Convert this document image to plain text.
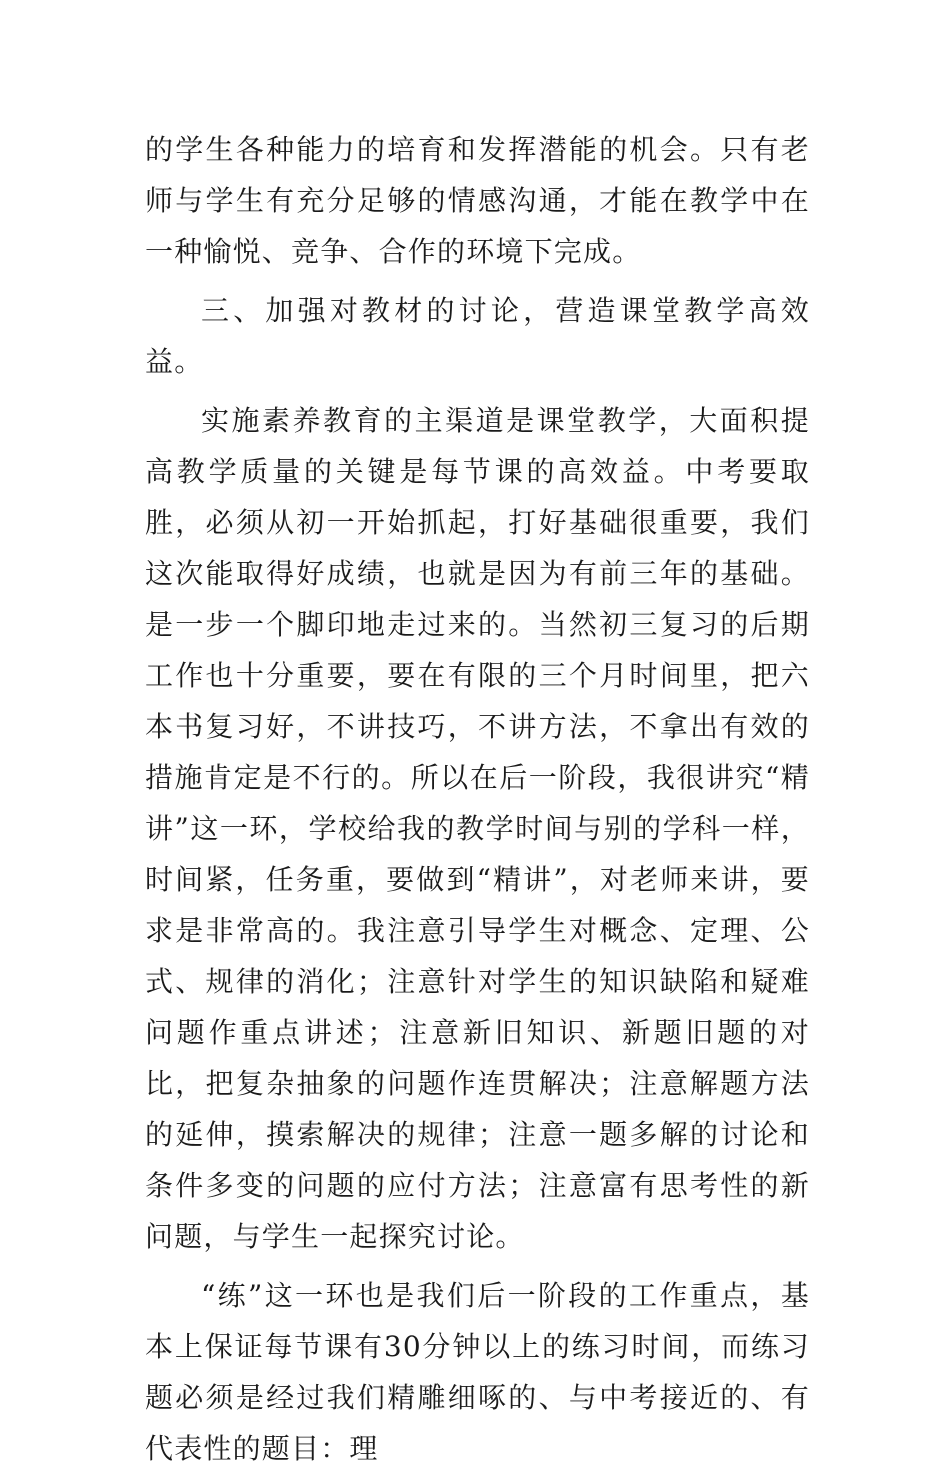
的学生各种能力的培育和发挥潜能的机会。只有老师与学生有充分足够的情感沟通，才能在教学中在一种愉悦、竞争、合作的环境下完成。

三、加强对教材的讨论，营造课堂教学高效益。

实施素养教育的主渠道是课堂教学，大面积提高教学质量的关键是每节课的高效益。中考要取胜，必须从初一开始抓起，打好基础很重要，我们这次能取得好成绩，也就是因为有前三年的基础。是一步一个脚印地走过来的。当然初三复习的后期工作也十分重要，要在有限的三个月时间里，把六本书复习好，不讲技巧，不讲方法，不拿出有效的措施肯定是不行的。所以在后一阶段，我很讲究“精讲”这一环，学校给我的教学时间与别的学科一样，时间紧，任务重，要做到“精讲”，对老师来讲，要求是非常高的。我注意引导学生对概念、定理、公式、规律的消化；注意针对学生的知识缺陷和疑难问题作重点讲述；注意新旧知识、新题旧题的对比，把复杂抽象的问题作连贯解决；注意解题方法的延伸，摸索解决的规律；注意一题多解的讨论和条件多变的问题的应付方法；注意富有思考性的新问题，与学生一起探究讨论。

“练”这一环也是我们后一阶段的工作重点，基本上保证每节课有30分钟以上的练习时间，而练习题必须是经过我们精雕细啄的、与中考接近的、有代表性的题目：理
